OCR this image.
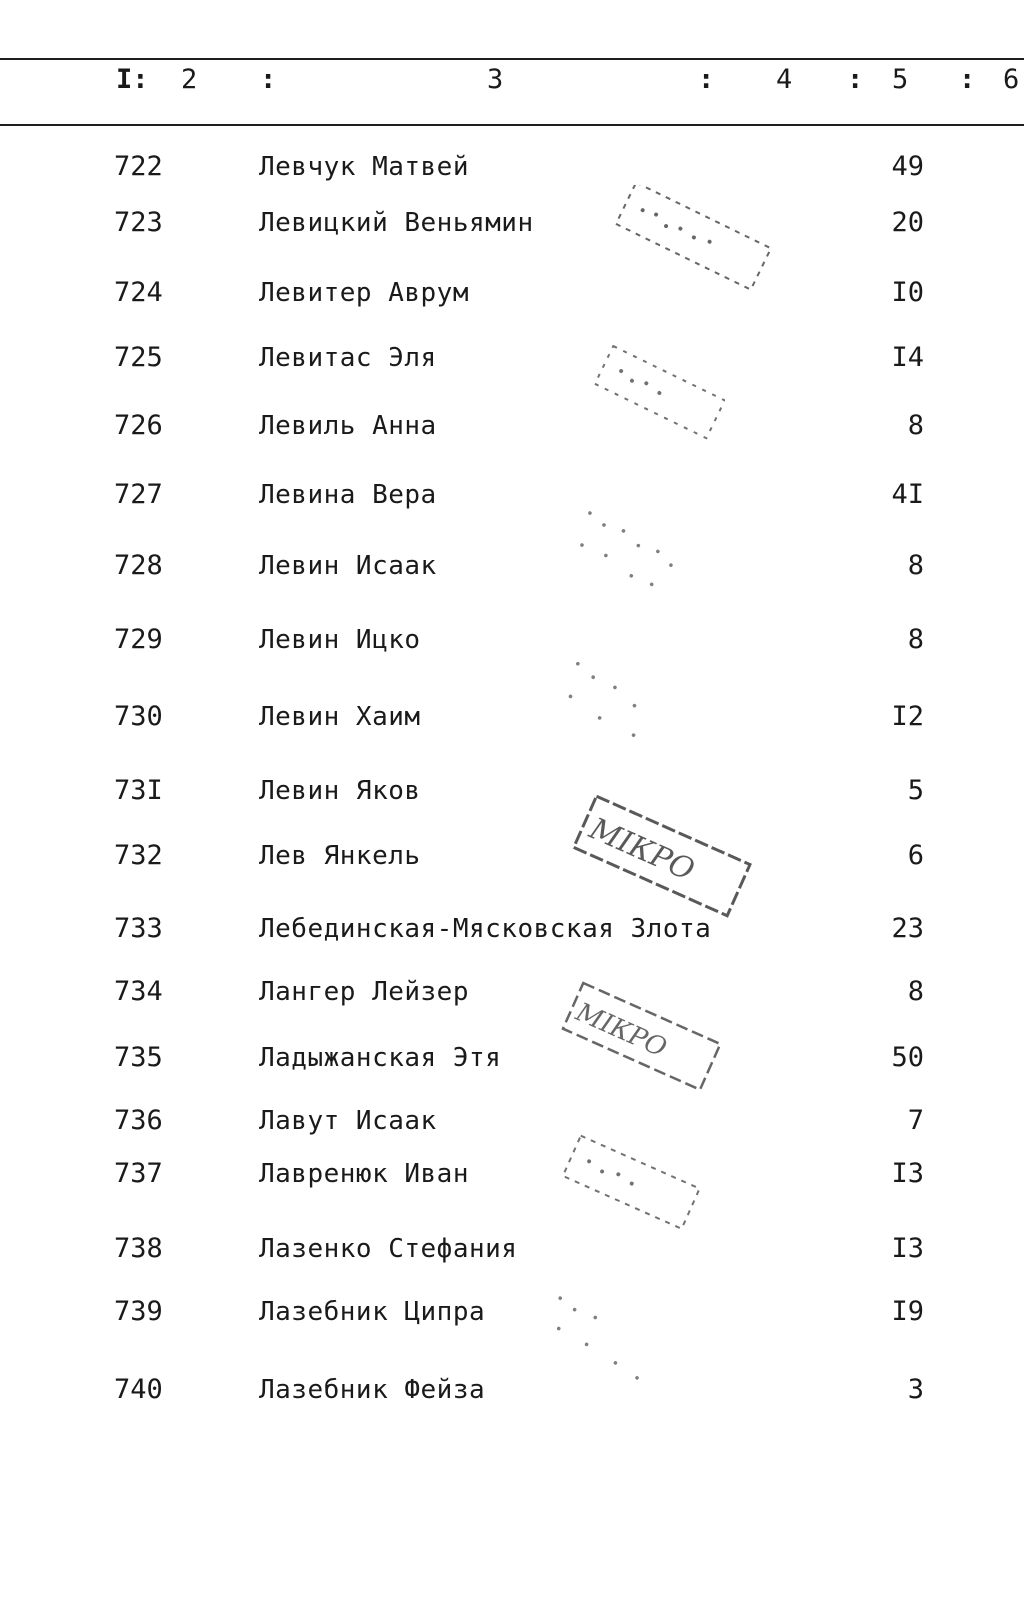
I: 2 :	3	: 4 : 5 : 6
722	Левчук Матвей	49
723	Левицкий Веньямин	20
724	Левитер Аврум	I0
725	Левитас Эля	I4
726	Левиль Анна	8
727	Левина Вера	4I
728	Левин Исаак	8
729	Левин Ицко	8
730	Левин Хаим	I2
73I	Левин Яков	5
732	Лев Янкель	6
733	Лебединская-Мясковская Злота	23
734	Лангер Лейзер	8
735	Ладыжанская Этя	50
736	Лавут Исаак	7
737	Лавренюк Иван	I3
738	Лазенко Стефания	I3
739	Лазебник Ципра	I9
740	Лазебник Фейза	3
МIКРО
МIКРО
